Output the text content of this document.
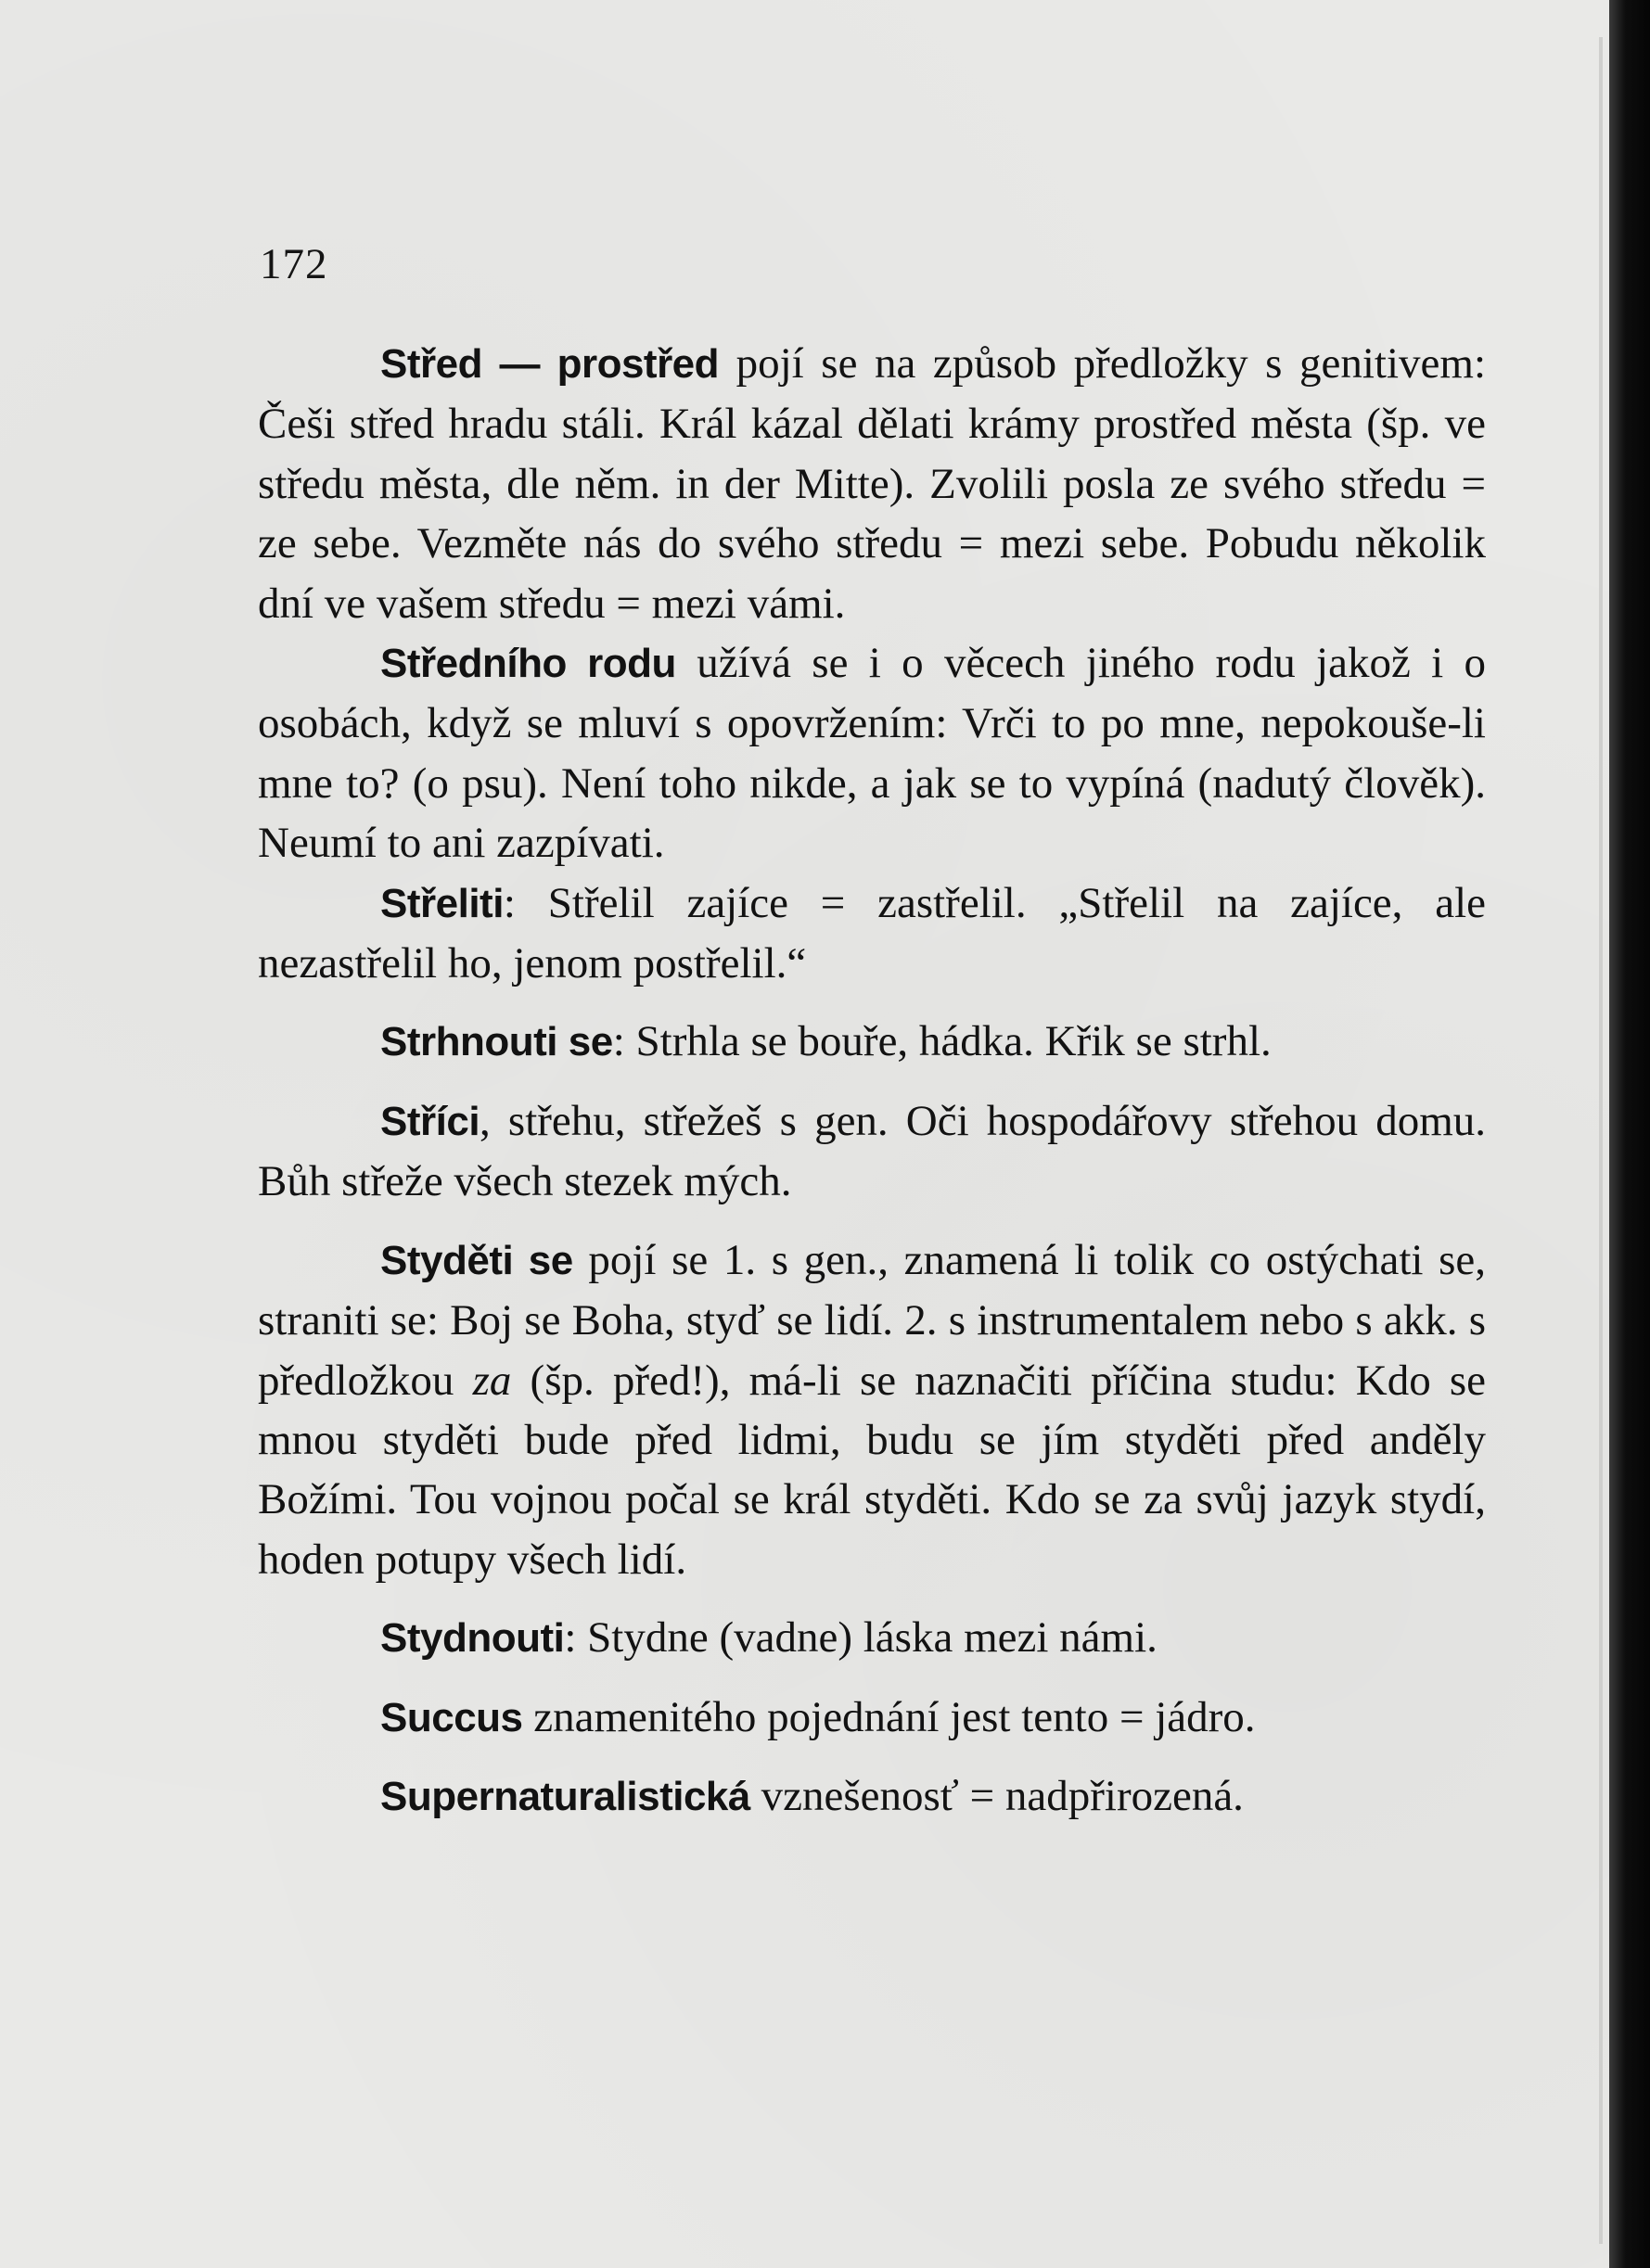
172

Střed — prostřed pojí se na způsob předložky s genitivem: Češi střed hradu stáli. Král kázal dělati krámy prostřed města (šp. ve středu města, dle něm. in der Mitte). Zvolili posla ze svého středu = ze sebe. Vezměte nás do svého středu = mezi sebe. Pobudu několik dní ve vašem středu = mezi vámi.

Středního rodu užívá se i o věcech jiného rodu jakož i o osobách, když se mluví s opovržením: Vrči to po mne, nepokouše-li mne to? (o psu). Není toho nikde, a jak se to vypíná (nadutý člověk). Neumí to ani zazpívati.

Střeliti: Střelil zajíce = zastřelil. „Střelil na zajíce, ale nezastřelil ho, jenom postřelil.“

Strhnouti se: Strhla se bouře, hádka. Křik se strhl.

Stříci, střehu, střežeš s gen. Oči hospodářovy střehou domu. Bůh střeže všech stezek mých.

Styděti se pojí se 1. s gen., znamená li tolik co ostýchati se, straniti se: Boj se Boha, styď se lidí. 2. s instrumentalem nebo s akk. s předložkou za (šp. před!), má-li se naznačiti příčina studu: Kdo se mnou styděti bude před lidmi, budu se jím styděti před anděly Božími. Tou vojnou počal se král styděti. Kdo se za svůj jazyk stydí, hoden potupy všech lidí.

Stydnouti: Stydne (vadne) láska mezi námi.

Succus znamenitého pojednání jest tento = jádro.

Supernaturalistická vznešenosť = nadpřirozená.
